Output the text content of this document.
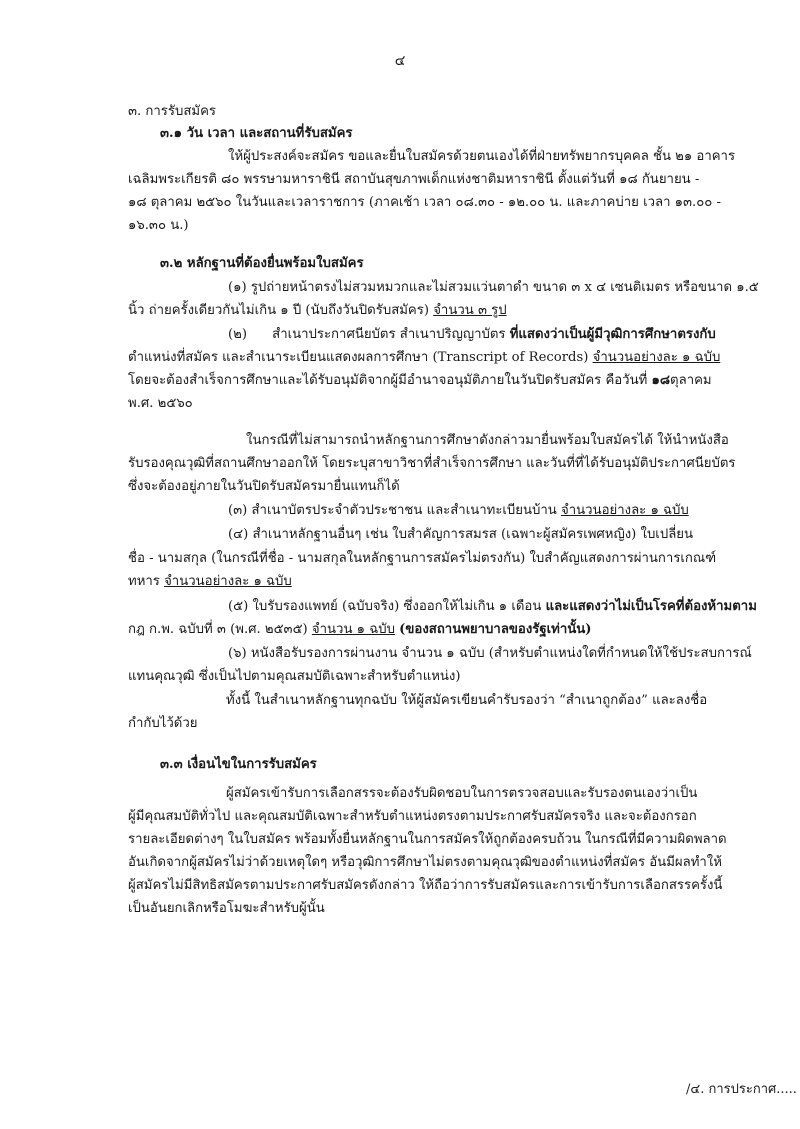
๔
๓. การรับสมัคร
๓.๑ วัน เวลา และสถานที่รับสมัคร
ให้ผู้ประสงค์จะสมัคร ขอและยื่นใบสมัครด้วยตนเองได้ที่ฝ่ายทรัพยากรบุคคล ชั้น ๒๑ อาคาร
เฉลิมพระเกียรติ ๘๐ พรรษามหาราชินี สถาบันสุขภาพเด็กแห่งชาติมหาราชินี ตั้งแต่วันที่ ๑๘ กันยายน -
๑๘ ตุลาคม ๒๕๖๐ ในวันและเวลาราชการ (ภาคเช้า เวลา ๐๘.๓๐ - ๑๒.๐๐ น. และภาคบ่าย เวลา ๑๓.๐๐ -
๑๖.๓๐ น.)
๓.๒ หลักฐานที่ต้องยื่นพร้อมใบสมัคร
(๑) รูปถ่ายหน้าตรงไม่สวมหมวกและไม่สวมแว่นตาดำ ขนาด ๓ x ๔ เซนติเมตร หรือขนาด ๑.๕
นิ้ว ถ่ายครั้งเดียวกันไม่เกิน ๑ ปี (นับถึงวันปิดรับสมัคร) จำนวน ๓ รูป
(๒) สำเนาประกาศนียบัตร สำเนาปริญญาบัตร ที่แสดงว่าเป็นผู้มีวุฒิการศึกษาตรงกับ
ตำแหน่งที่สมัคร และสำเนาระเบียนแสดงผลการศึกษา (Transcript of Records) จำนวนอย่างละ ๑ ฉบับ
โดยจะต้องสำเร็จการศึกษาและได้รับอนุมัติจากผู้มีอำนาจอนุมัติภายในวันปิดรับสมัคร คือวันที่ ๑๘ตุลาคม
พ.ศ. ๒๕๖๐
ในกรณีที่ไม่สามารถนำหลักฐานการศึกษาดังกล่าวมายื่นพร้อมใบสมัครได้ ให้นำหนังสือ
รับรองคุณวุฒิที่สถานศึกษาออกให้ โดยระบุสาขาวิชาที่สำเร็จการศึกษา และวันที่ที่ได้รับอนุมัติประกาศนียบัตร
ซึ่งจะต้องอยู่ภายในวันปิดรับสมัครมายื่นแทนก็ได้
(๓) สำเนาบัตรประจำตัวประชาชน และสำเนาทะเบียนบ้าน จำนวนอย่างละ ๑ ฉบับ
(๔) สำเนาหลักฐานอื่นๆ เช่น ใบสำคัญการสมรส (เฉพาะผู้สมัครเพศหญิง) ใบเปลี่ยน
ชื่อ - นามสกุล (ในกรณีที่ชื่อ - นามสกุลในหลักฐานการสมัครไม่ตรงกัน) ใบสำคัญแสดงการผ่านการเกณฑ์
ทหาร จำนวนอย่างละ ๑ ฉบับ
(๕) ใบรับรองแพทย์ (ฉบับจริง) ซึ่งออกให้ไม่เกิน ๑ เดือน และแสดงว่าไม่เป็นโรคที่ต้องห้ามตาม
กฎ ก.พ. ฉบับที่ ๓ (พ.ศ. ๒๕๓๕) จำนวน ๑ ฉบับ (ของสถานพยาบาลของรัฐเท่านั้น)
(๖) หนังสือรับรองการผ่านงาน จำนวน ๑ ฉบับ (สำหรับตำแหน่งใดที่กำหนดให้ใช้ประสบการณ์
แทนคุณวุฒิ ซึ่งเป็นไปตามคุณสมบัติเฉพาะสำหรับตำแหน่ง)
ทั้งนี้ ในสำเนาหลักฐานทุกฉบับ ให้ผู้สมัครเขียนคำรับรองว่า “สำเนาถูกต้อง” และลงชื่อ
กำกับไว้ด้วย
๓.๓ เงื่อนไขในการรับสมัคร
ผู้สมัครเข้ารับการเลือกสรรจะต้องรับผิดชอบในการตรวจสอบและรับรองตนเองว่าเป็น
ผู้มีคุณสมบัติทั่วไป และคุณสมบัติเฉพาะสำหรับตำแหน่งตรงตามประกาศรับสมัครจริง และจะต้องกรอก
รายละเอียดต่างๆ ในใบสมัคร พร้อมทั้งยื่นหลักฐานในการสมัครให้ถูกต้องครบถ้วน ในกรณีที่มีความผิดพลาด
อันเกิดจากผู้สมัครไม่ว่าด้วยเหตุใดๆ หรือวุฒิการศึกษาไม่ตรงตามคุณวุฒิของตำแหน่งที่สมัคร อันมีผลทำให้
ผู้สมัครไม่มีสิทธิสมัครตามประกาศรับสมัครดังกล่าว ให้ถือว่าการรับสมัครและการเข้ารับการเลือกสรรครั้งนี้
เป็นอันยกเลิกหรือโมฆะสำหรับผู้นั้น
/๔. การประกาศ.....
